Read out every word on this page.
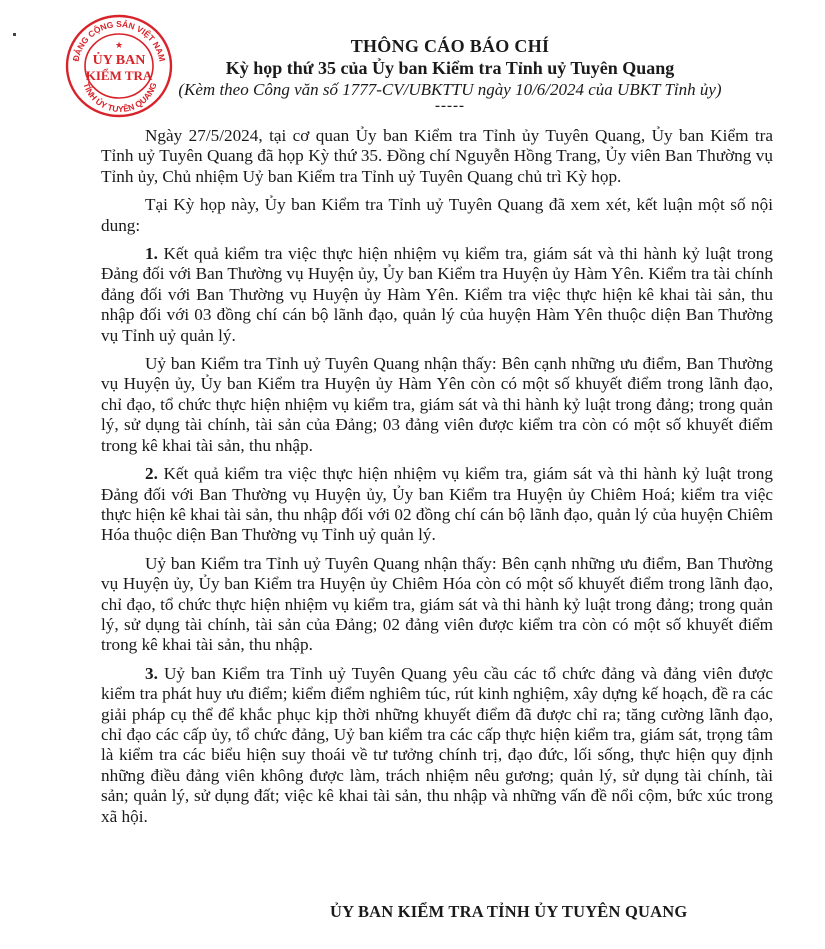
ĐẢNG CỘNG SẢN VIỆT NAM
TỈNH ỦY TUYÊN QUANG
ỦY BAN
KIỂM TRA
★	THÔNG CÁO BÁO CHÍ
Kỳ họp thứ 35 của Ủy ban Kiểm tra Tỉnh uỷ Tuyên Quang
(Kèm theo Công văn số 1777-CV/UBKTTU ngày 10/6/2024 của UBKT Tỉnh ủy)
-----

Ngày 27/5/2024, tại cơ quan Ủy ban Kiểm tra Tỉnh ủy Tuyên Quang, Ủy ban Kiểm tra Tỉnh uỷ Tuyên Quang đã họp Kỳ thứ 35. Đồng chí Nguyễn Hồng Trang, Ủy viên Ban Thường vụ Tỉnh ủy, Chủ nhiệm Uỷ ban Kiểm tra Tỉnh uỷ Tuyên Quang chủ trì Kỳ họp.

Tại Kỳ họp này, Ủy ban Kiểm tra Tỉnh uỷ Tuyên Quang đã xem xét, kết luận một số nội dung:

1. Kết quả kiểm tra việc thực hiện nhiệm vụ kiểm tra, giám sát và thi hành kỷ luật trong Đảng đối với Ban Thường vụ Huyện ủy, Ủy ban Kiểm tra Huyện ủy Hàm Yên. Kiểm tra tài chính đảng đối với Ban Thường vụ Huyện ủy Hàm Yên. Kiểm tra việc thực hiện kê khai tài sản, thu nhập đối với 03 đồng chí cán bộ lãnh đạo, quản lý của huyện Hàm Yên thuộc diện Ban Thường vụ Tỉnh uỷ quản lý.

Uỷ ban Kiểm tra Tỉnh uỷ Tuyên Quang nhận thấy: Bên cạnh những ưu điểm, Ban Thường vụ Huyện ủy, Ủy ban Kiểm tra Huyện ủy Hàm Yên còn có một số khuyết điểm trong lãnh đạo, chỉ đạo, tổ chức thực hiện nhiệm vụ kiểm tra, giám sát và thi hành kỷ luật trong đảng; trong quản lý, sử dụng tài chính, tài sản của Đảng; 03 đảng viên được kiểm tra còn có một số khuyết điểm trong kê khai tài sản, thu nhập.

2. Kết quả kiểm tra việc thực hiện nhiệm vụ kiểm tra, giám sát và thi hành kỷ luật trong Đảng đối với Ban Thường vụ Huyện ủy, Ủy ban Kiểm tra Huyện ủy Chiêm Hoá; kiểm tra việc thực hiện kê khai tài sản, thu nhập đối với 02 đồng chí cán bộ lãnh đạo, quản lý của huyện Chiêm Hóa thuộc diện Ban Thường vụ Tỉnh uỷ quản lý.

Uỷ ban Kiểm tra Tỉnh uỷ Tuyên Quang nhận thấy: Bên cạnh những ưu điểm, Ban Thường vụ Huyện ủy, Ủy ban Kiểm tra Huyện ủy Chiêm Hóa còn có một số khuyết điểm trong lãnh đạo, chỉ đạo, tổ chức thực hiện nhiệm vụ kiểm tra, giám sát và thi hành kỷ luật trong đảng; trong quản lý, sử dụng tài chính, tài sản của Đảng; 02 đảng viên được kiểm tra còn có một số khuyết điểm trong kê khai tài sản, thu nhập.

3. Uỷ ban Kiểm tra Tỉnh uỷ Tuyên Quang yêu cầu các tổ chức đảng và đảng viên được kiểm tra phát huy ưu điểm; kiểm điểm nghiêm túc, rút kinh nghiệm, xây dựng kế hoạch, đề ra các giải pháp cụ thể để khắc phục kịp thời những khuyết điểm đã được chỉ ra; tăng cường lãnh đạo, chỉ đạo các cấp ủy, tổ chức đảng, Uỷ ban kiểm tra các cấp thực hiện kiểm tra, giám sát, trọng tâm là kiểm tra các biểu hiện suy thoái về tư tưởng chính trị, đạo đức, lối sống, thực hiện quy định những điều đảng viên không được làm, trách nhiệm nêu gương; quản lý, sử dụng tài chính, tài sản; quản lý, sử dụng đất; việc kê khai tài sản, thu nhập và những vấn đề nổi cộm, bức xúc trong xã hội.

ỦY BAN KIỂM TRA TỈNH ỦY TUYÊN QUANG
